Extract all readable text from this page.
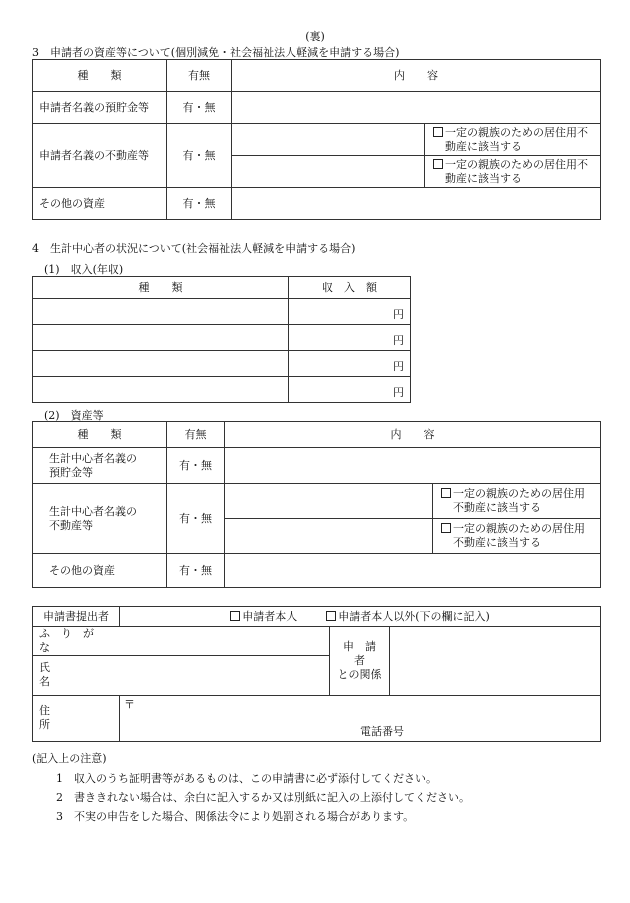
(裏)
3　申請者の資産等について(個別減免・社会福祉法人軽減を申請する場合)
種　　類	有無	内　　容	
申請者名義の預貯金等	有・無		
申請者名義の不動産等	有・無		一定の親族のための居住用不
動産に該当する
			一定の親族のための居住用不
動産に該当する
その他の資産	有・無		
4　生計中心者の状況について(社会福祉法人軽減を申請する場合)
(1)　収入(年収)
種　　類	収　入　額
	円
	円
	円
	円
(2)　資産等
種　　類	有無	内　　容	
生計中心者名義の
預貯金等	有・無		
生計中心者名義の
不動産等	有・無		一定の親族のための居住用
不動産に該当する
			一定の親族のための居住用
不動産に該当する
その他の資産	有・無		
申請書提出者	申請者本人 申請者本人以外(下の欄に記入)		
ふ　り　が　な		申　請　者
との関係	
氏　　　　　名			
住　　　　　所	〒
電話番号		
(記入上の注意)
1　収入のうち証明書等があるものは、この申請書に必ず添付してください。
2　書ききれない場合は、余白に記入するか又は別紙に記入の上添付してください。
3　不実の申告をした場合、関係法令により処罰される場合があります。
